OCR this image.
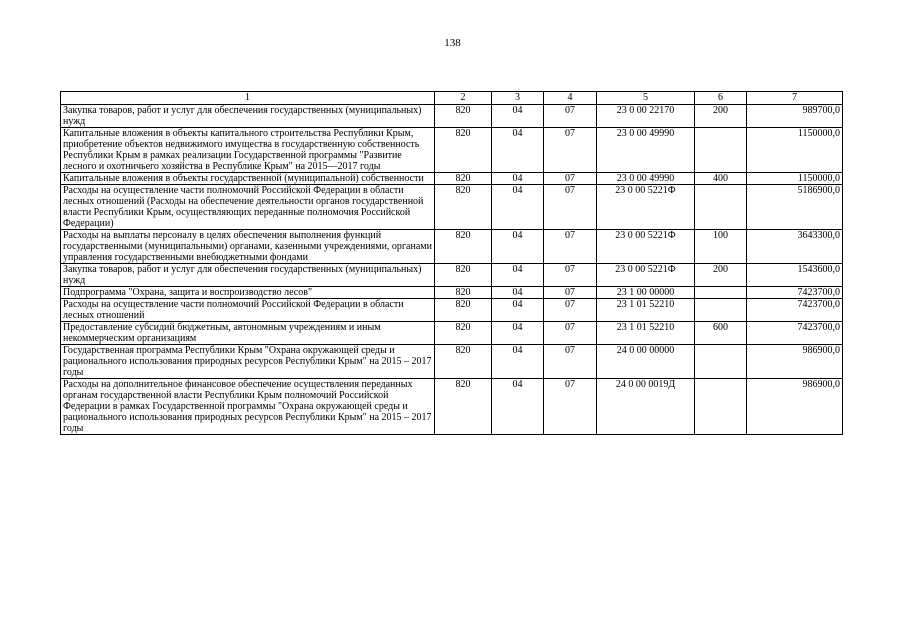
138
1	2	3	4	5	6	7
Закупка товаров, работ и услуг для обеспечения государственных (муниципальных) нужд	820	04	07	23 0 00 22170	200	989700,0
Капитальные вложения в объекты капитального строительства Республики Крым, приобретение объектов недвижимого имущества в государственную собственность Республики Крым в рамках реализации Государственной программы "Развитие лесного и охотничьего хозяйства в Республике Крым" на 2015—2017 годы	820	04	07	23 0 00 49990		1150000,0
Капитальные вложения в объекты государственной (муниципальной) собственности	820	04	07	23 0 00 49990	400	1150000,0
Расходы на осуществление части полномочий Российской Федерации в области лесных отношений (Расходы на обеспечение деятельности органов государственной власти Республики Крым, осуществляющих переданные полномочия Российской Федерации)	820	04	07	23 0 00 5221Ф		5186900,0
Расходы на выплаты персоналу в целях обеспечения выполнения функций государственными (муниципальными) органами, казенными учреждениями, органами управления государственными внебюджетными фондами	820	04	07	23 0 00 5221Ф	100	3643300,0
Закупка товаров, работ и услуг для обеспечения государственных (муниципальных) нужд	820	04	07	23 0 00 5221Ф	200	1543600,0
Подпрограмма "Охрана, защита и воспроизводство лесов"	820	04	07	23 1 00 00000		7423700,0
Расходы на осуществление части полномочий Российской Федерации в области лесных отношений	820	04	07	23 1 01 52210		7423700,0
Предоставление субсидий бюджетным, автономным учреждениям и иным некоммерческим организациям	820	04	07	23 1 01 52210	600	7423700,0
Государственная программа Республики Крым "Охрана окружающей среды и рационального использования природных ресурсов Республики Крым" на 2015 – 2017 годы	820	04	07	24 0 00 00000		986900,0
Расходы на дополнительное финансовое обеспечение осуществления переданных органам государственной власти Республики Крым полномочий Российской Федерации в рамках Государственной программы "Охрана окружающей среды и рационального использования природных ресурсов Республики Крым" на 2015 – 2017 годы	820	04	07	24 0 00 0019Д		986900,0
